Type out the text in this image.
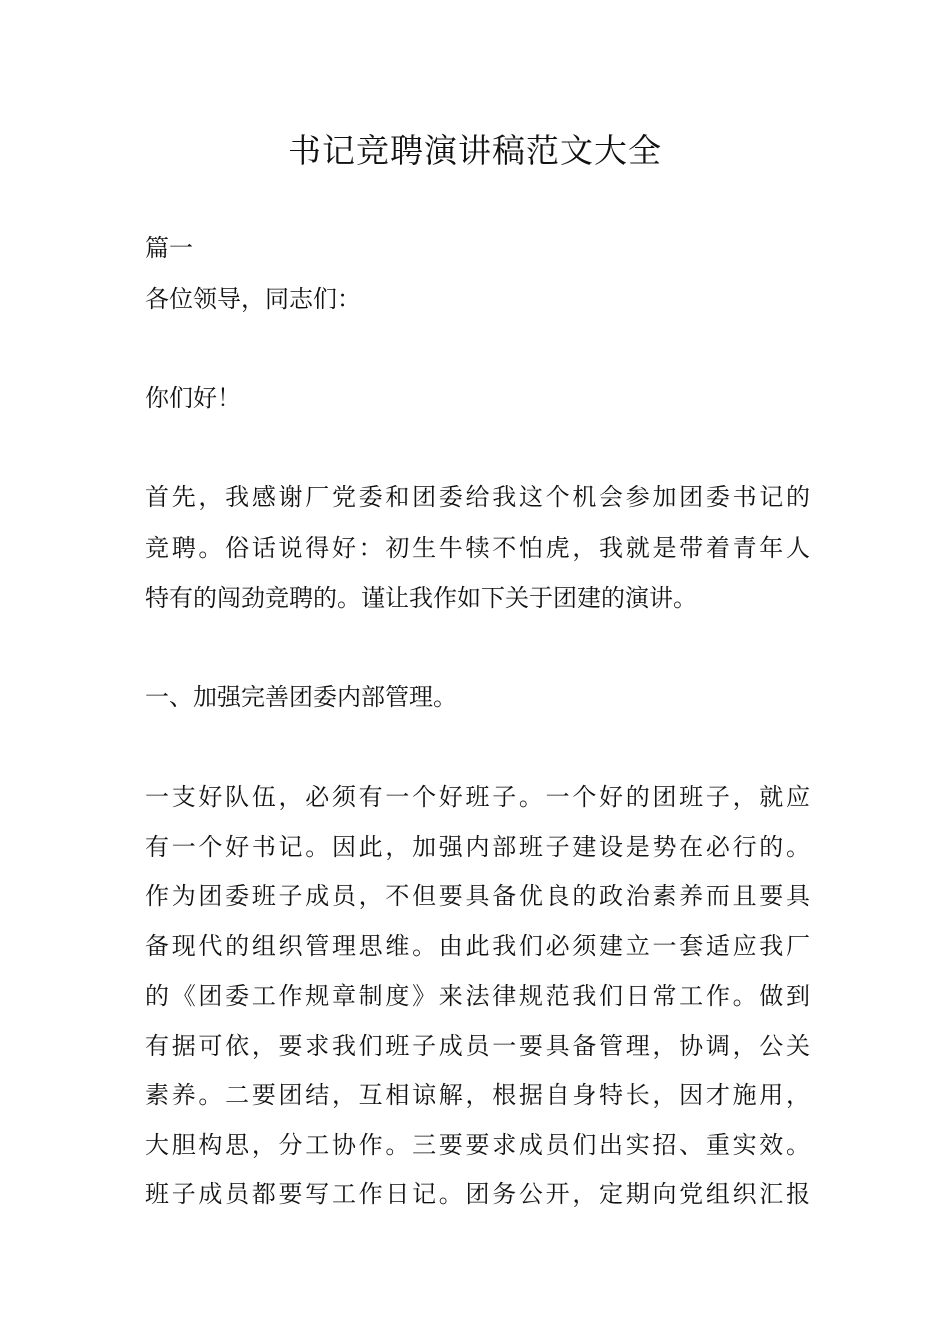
书记竞聘演讲稿范文大全

篇一

各位领导，同志们：

你们好！

首先，我感谢厂党委和团委给我这个机会参加团委书记的

竞聘。俗话说得好：初生牛犊不怕虎，我就是带着青年人

特有的闯劲竞聘的。谨让我作如下关于团建的演讲。

一、加强完善团委内部管理。

一支好队伍，必须有一个好班子。一个好的团班子，就应

有一个好书记。因此，加强内部班子建设是势在必行的。

作为团委班子成员，不但要具备优良的政治素养而且要具

备现代的组织管理思维。由此我们必须建立一套适应我厂

的《团委工作规章制度》来法律规范我们日常工作。做到

有据可依，要求我们班子成员一要具备管理，协调，公关

素养。二要团结，互相谅解，根据自身特长，因才施用，

大胆构思，分工协作。三要要求成员们出实招、重实效。

班子成员都要写工作日记。团务公开，定期向党组织汇报
